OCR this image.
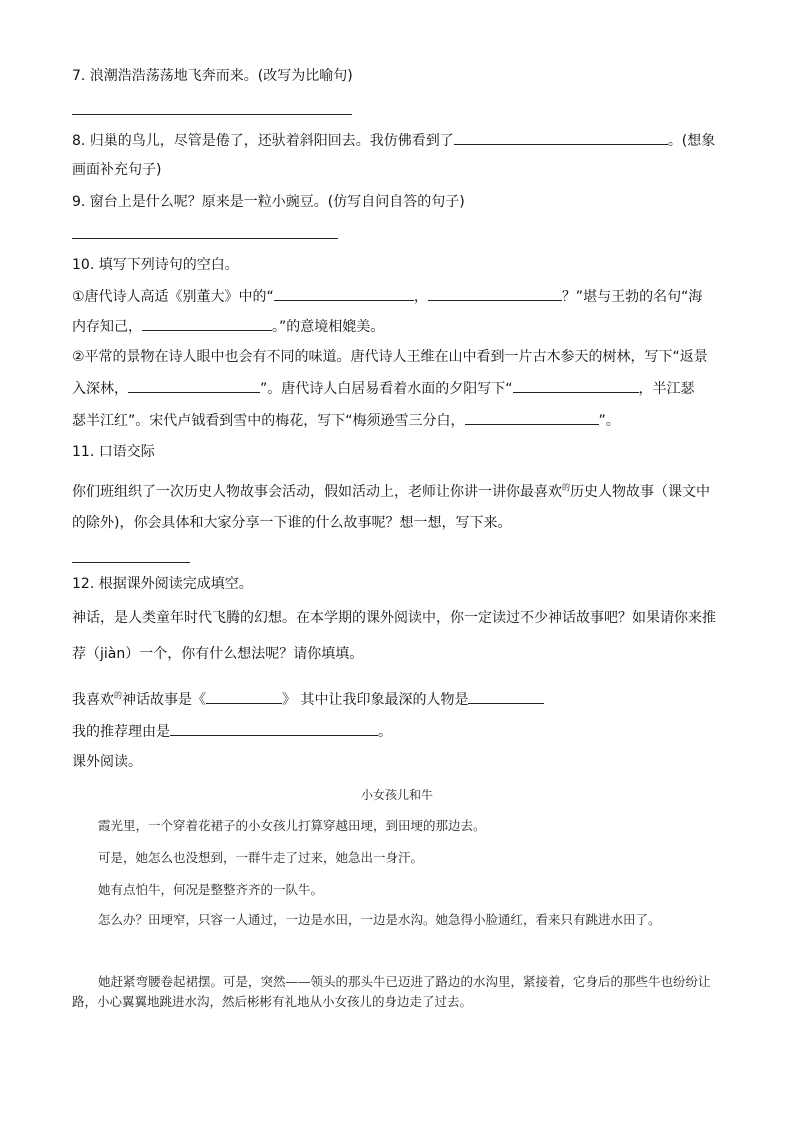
7. 浪潮浩浩荡荡地飞奔而来。(改写为比喻句)
8. 归巢的鸟儿，尽管是倦了，还驮着斜阳回去。我仿佛看到了	。(想象
画面补充句子)
9. 窗台上是什么呢？原来是一粒小豌豆。(仿写自问自答的句子)
10. 填写下列诗句的空白。
①唐代诗人高适《别董大》中的“	，	？”堪与王勃的名句“海
内存知己，	。”的意境相媲美。
②平常的景物在诗人眼中也会有不同的味道。唐代诗人王维在山中看到一片古木参天的树林，写下“返景
入深林，	”。唐代诗人白居易看着水面的夕阳写下“	，半江瑟
瑟半江红”。宋代卢钺看到雪中的梅花，写下“梅须逊雪三分白，	”。
11. 口语交际
你们班组织了一次历史人物故事会活动，假如活动上，老师让你讲一讲你最喜欢$^的$历史人物故事（课文中
的除外)，你会具体和大家分享一下谁的什么故事呢？想一想，写下来。
12. 根据课外阅读完成填空。
神话，是人类童年时代飞腾的幻想。在本学期的课外阅读中，你一定读过不少神话故事吧？如果请你来推
荐（jiàn）一个，你有什么想法呢？请你填填。
我喜欢$^的$神话故事是《	》 其中让我印象最深的人物是
我的推荐理由是	。
课外阅读。
小女孩儿和牛
霞光里，一个穿着花裙子的小女孩儿打算穿越田埂，到田埂的那边去。
可是，她怎么也没想到，一群牛走了过来，她急出一身汗。
她有点怕牛，何况是整整齐齐的一队牛。
怎么办？田埂窄，只容一人通过，一边是水田，一边是水沟。她急得小脸通红，看来只有跳进水田了。
她赶紧弯腰卷起裙摆。可是，突然——领头的那头牛已迈进了路边的水沟里，紧接着，它身后的那些牛也纷纷让路，小心翼翼地跳进水沟，然后彬彬有礼地从小女孩儿的身边走了过去。
